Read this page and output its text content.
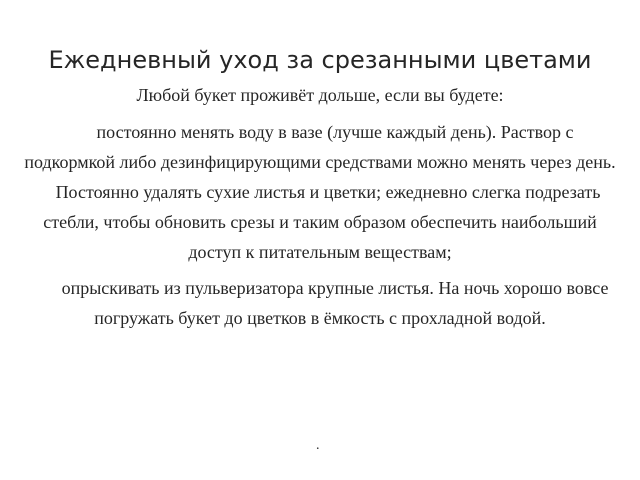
Ежедневный уход за срезанными цветами

Любой букет проживёт дольше, если вы будете:

постоянно менять воду в вазе (лучше каждый день). Раствор с подкормкой либо дезинфицирующими средствами можно менять через день.Постоянно удалять сухие листья и цветки; ежедневно слегка подрезать стебли, чтобы обновить срезы и таким образом обеспечить наибольший доступ к питательным веществам;

опрыскивать из пульверизатора крупные листья. На ночь хорошо вовсе погружать букет до цветков в ёмкость с прохладной водой.

.
